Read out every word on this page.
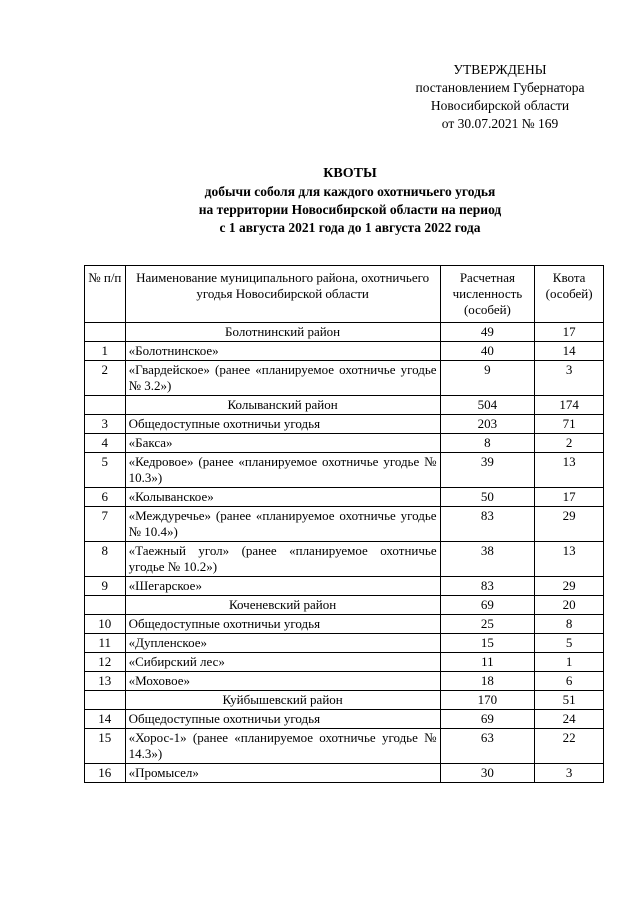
УТВЕРЖДЕНЫ
постановлением Губернатора
Новосибирской области
от 30.07.2021 № 169
КВОТЫ
добычи соболя для каждого охотничьего угодья
на территории Новосибирской области на период
с 1 августа 2021 года до 1 августа 2022 года
№ п/п	Наименование муниципального района, охотничьего угодья Новосибирской области	Расчетная численность (особей)	Квота (особей)
	Болотнинский район	49	17
1	«Болотнинское»	40	14
2	«Гвардейское» (ранее «планируемое охотничье угодье № 3.2»)	9	3
	Колыванский район	504	174
3	Общедоступные охотничьи угодья	203	71
4	«Бакса»	8	2
5	«Кедровое» (ранее «планируемое охотничье угодье № 10.3»)	39	13
6	«Колыванское»	50	17
7	«Междуречье» (ранее «планируемое охотничье угодье № 10.4»)	83	29
8	«Таежный угол» (ранее «планируемое охотничье угодье № 10.2»)	38	13
9	«Шегарское»	83	29
	Коченевский район	69	20
10	Общедоступные охотничьи угодья	25	8
11	«Дупленское»	15	5
12	«Сибирский лес»	11	1
13	«Моховое»	18	6
	Куйбышевский район	170	51
14	Общедоступные охотничьи угодья	69	24
15	«Хорос-1» (ранее «планируемое охотничье угодье № 14.3»)	63	22
16	«Промысел»	30	3
